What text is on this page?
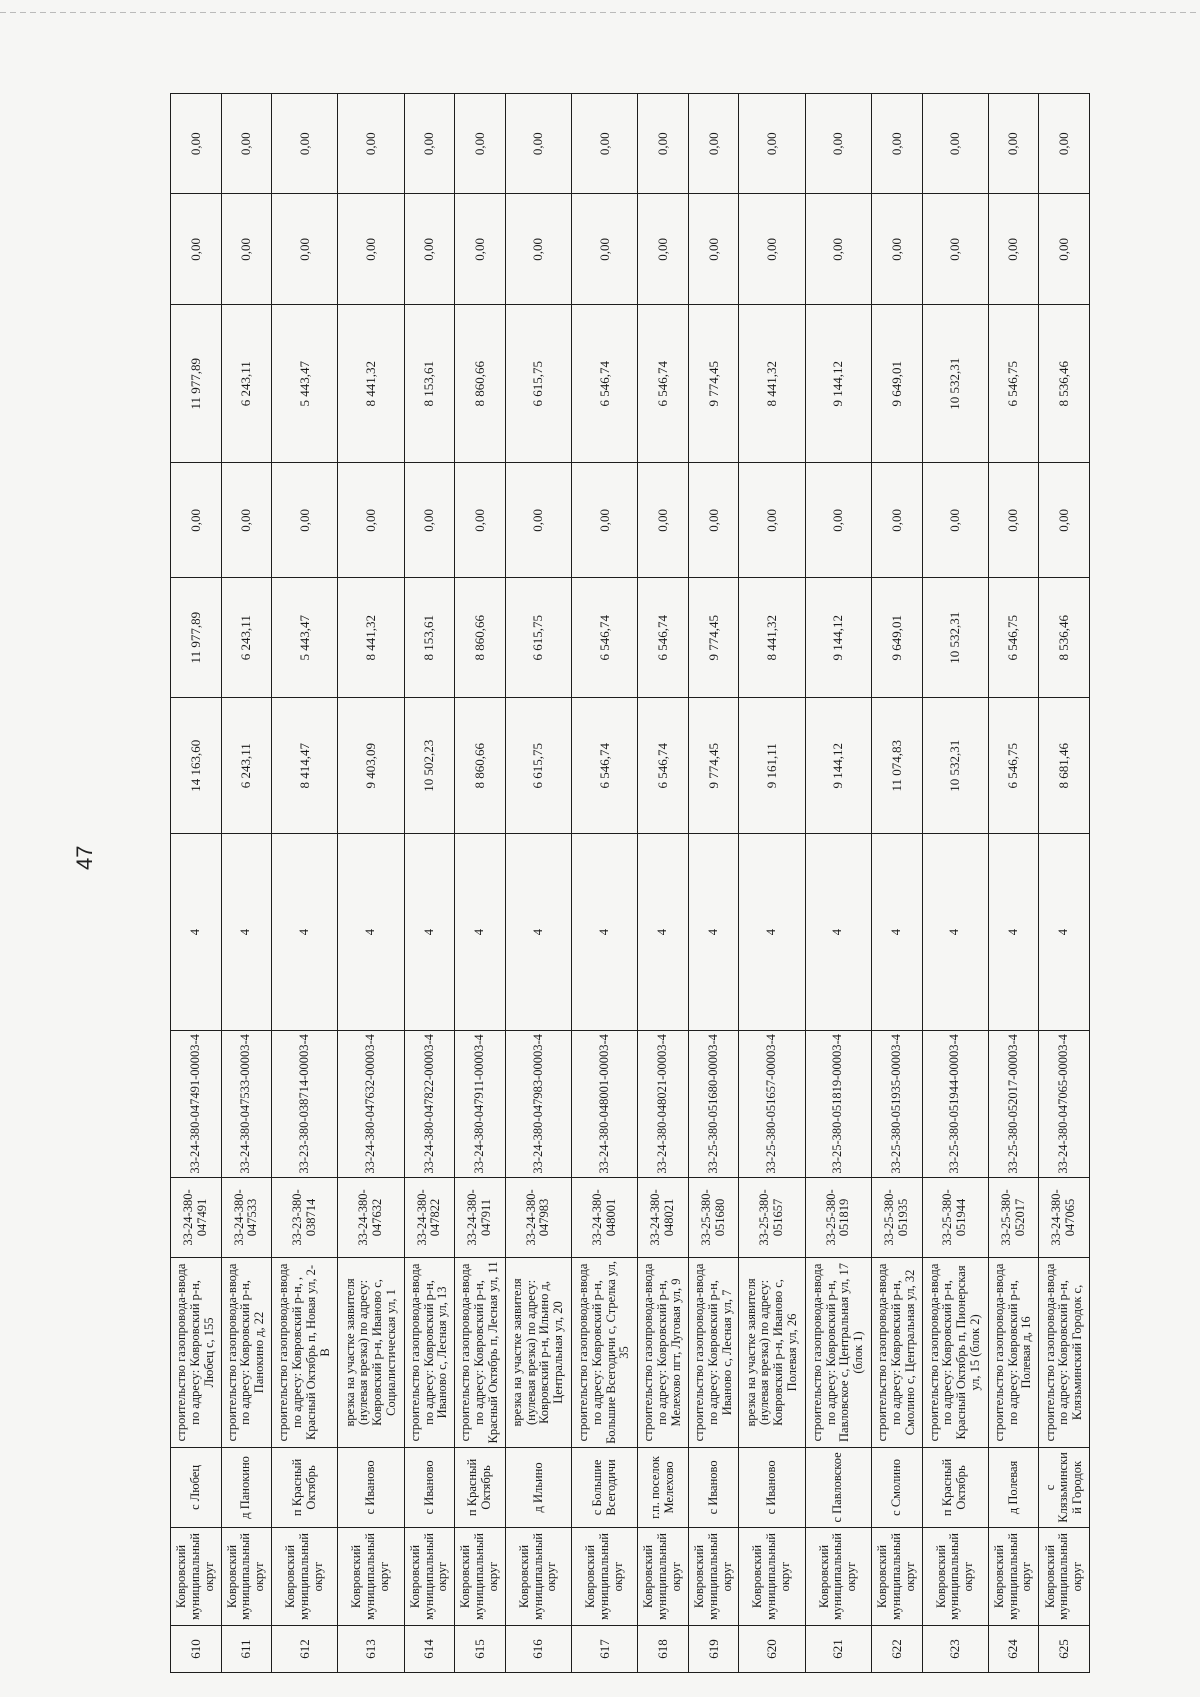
47
610	Ковровский муниципальный округ	с Любец	строительство газопровода-ввода по адресу: Ковровский р-н, Любец с, 155	33-24-380-047491	33-24-380-047491-00003-4	4	14 163,60	11 977,89	0,00	11 977,89	0,00	0,00
611	Ковровский муниципальный округ	д Панокино	строительство газопровода-ввода по адресу: Ковровский р-н, Панокино д, 22	33-24-380-047533	33-24-380-047533-00003-4	4	6 243,11	6 243,11	0,00	6 243,11	0,00	0,00
612	Ковровский муниципальный округ	п Красный Октябрь	строительство газопровода-ввода по адресу: Ковровский р-н, , Красный Октябрь п, Новая ул, 2-В	33-23-380-038714	33-23-380-038714-00003-4	4	8 414,47	5 443,47	0,00	5 443,47	0,00	0,00
613	Ковровский муниципальный округ	с Иваново	врезка на участке заявителя (нулевая врезка) по адресу: Ковровский р-н, Иваново с, Социалистическая ул, 1	33-24-380-047632	33-24-380-047632-00003-4	4	9 403,09	8 441,32	0,00	8 441,32	0,00	0,00
614	Ковровский муниципальный округ	с Иваново	строительство газопровода-ввода по адресу: Ковровский р-н, Иваново с, Лесная ул, 13	33-24-380-047822	33-24-380-047822-00003-4	4	10 502,23	8 153,61	0,00	8 153,61	0,00	0,00
615	Ковровский муниципальный округ	п Красный Октябрь	строительство газопровода-ввода по адресу: Ковровский р-н, Красный Октябрь п, Лесная ул, 11	33-24-380-047911	33-24-380-047911-00003-4	4	8 860,66	8 860,66	0,00	8 860,66	0,00	0,00
616	Ковровский муниципальный округ	д Ильино	врезка на участке заявителя (нулевая врезка) по адресу: Ковровский р-н, Ильино д, Центральная ул, 20	33-24-380-047983	33-24-380-047983-00003-4	4	6 615,75	6 615,75	0,00	6 615,75	0,00	0,00
617	Ковровский муниципальный округ	с Большие Всегодичи	строительство газопровода-ввода по адресу: Ковровский р-н, Большие Всегодичи с, Стрелка ул, 35	33-24-380-048001	33-24-380-048001-00003-4	4	6 546,74	6 546,74	0,00	6 546,74	0,00	0,00
618	Ковровский муниципальный округ	г.п. поселок Мелехово	строительство газопровода-ввода по адресу: Ковровский р-н, Мелехово пгт, Луговая ул, 9	33-24-380-048021	33-24-380-048021-00003-4	4	6 546,74	6 546,74	0,00	6 546,74	0,00	0,00
619	Ковровский муниципальный округ	с Иваново	строительство газопровода-ввода по адресу: Ковровский р-н, Иваново с, Лесная ул, 7	33-25-380-051680	33-25-380-051680-00003-4	4	9 774,45	9 774,45	0,00	9 774,45	0,00	0,00
620	Ковровский муниципальный округ	с Иваново	врезка на участке заявителя (нулевая врезка) по адресу: Ковровский р-н, Иваново с, Полевая ул, 26	33-25-380-051657	33-25-380-051657-00003-4	4	9 161,11	8 441,32	0,00	8 441,32	0,00	0,00
621	Ковровский муниципальный округ	с Павловское	строительство газопровода-ввода по адресу: Ковровский р-н, Павловское с, Центральная ул, 17 (блок 1)	33-25-380-051819	33-25-380-051819-00003-4	4	9 144,12	9 144,12	0,00	9 144,12	0,00	0,00
622	Ковровский муниципальный округ	с Смолино	строительство газопровода-ввода по адресу: Ковровский р-н, Смолино с, Центральная ул, 32	33-25-380-051935	33-25-380-051935-00003-4	4	11 074,83	9 649,01	0,00	9 649,01	0,00	0,00
623	Ковровский муниципальный округ	п Красный Октябрь	строительство газопровода-ввода по адресу: Ковровский р-н, Красный Октябрь п, Пионерская ул, 15 (блок 2)	33-25-380-051944	33-25-380-051944-00003-4	4	10 532,31	10 532,31	0,00	10 532,31	0,00	0,00
624	Ковровский муниципальный округ	д Полевая	строительство газопровода-ввода по адресу: Ковровский р-н, Полевая д, 16	33-25-380-052017	33-25-380-052017-00003-4	4	6 546,75	6 546,75	0,00	6 546,75	0,00	0,00
625	Ковровский муниципальный округ	с Клязьминский Городок	строительство газопровода-ввода по адресу: Ковровский р-н, Клязьминский Городок с,	33-24-380-047065	33-24-380-047065-00003-4	4	8 681,46	8 536,46	0,00	8 536,46	0,00	0,00
